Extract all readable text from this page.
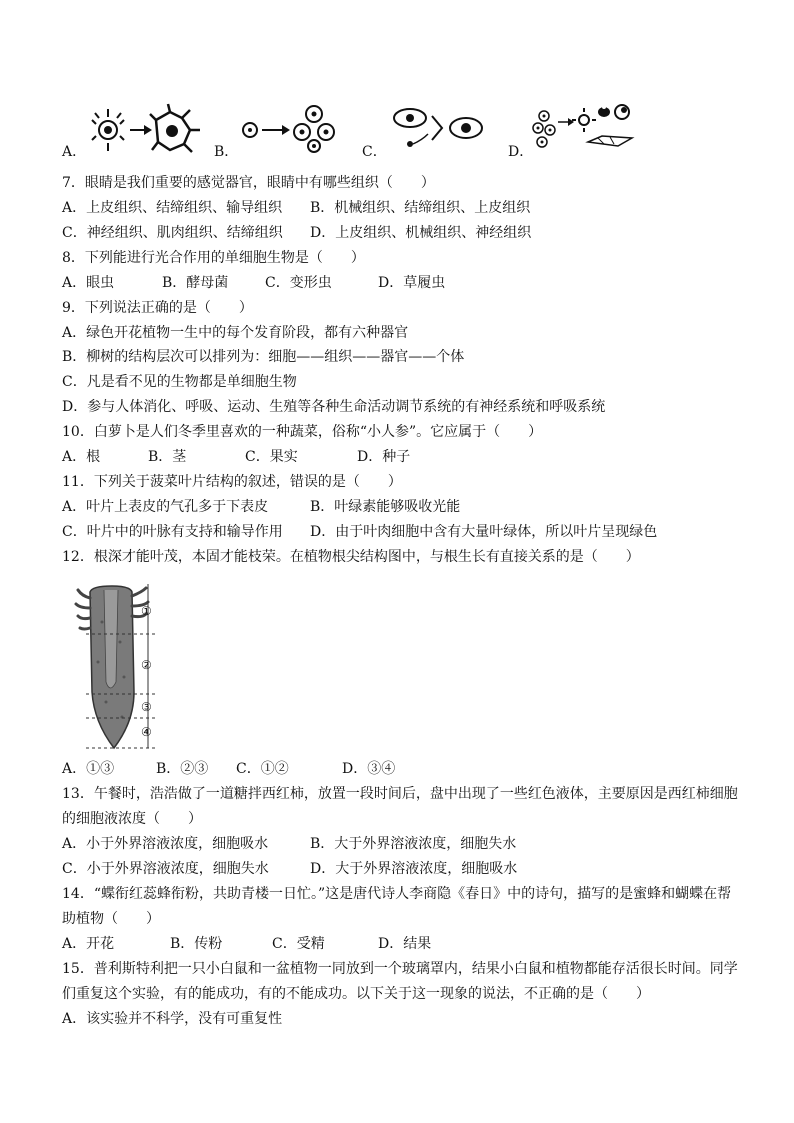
A．	B．	C．	D．
7．眼睛是我们重要的感觉器官，眼睛中有哪些组织（　　）
A．上皮组织、结缔组织、输导组织 B．机械组织、结缔组织、上皮组织
C．神经组织、肌肉组织、结缔组织 D．上皮组织、机械组织、神经组织
8．下列能进行光合作用的单细胞生物是（　　）
A．眼虫	B．酵母菌	C．变形虫	D．草履虫
9．下列说法正确的是（　　）
A．绿色开花植物一生中的每个发育阶段，都有六种器官
B．柳树的结构层次可以排列为：细胞——组织——器官——个体
C．凡是看不见的生物都是单细胞生物
D．参与人体消化、呼吸、运动、生殖等各种生命活动调节系统的有神经系统和呼吸系统
10．白萝卜是人们冬季里喜欢的一种蔬菜，俗称“小人参”。它应属于（　　）
A．根	B．茎	C．果实	D．种子
11．下列关于菠菜叶片结构的叙述，错误的是（　　）
A．叶片上表皮的气孔多于下表皮	B．叶绿素能够吸收光能
C．叶片中的叶脉有支持和输导作用 D．由于叶肉细胞中含有大量叶绿体，所以叶片呈现绿色
12．根深才能叶茂，本固才能枝荣。在植物根尖结构图中，与根生长有直接关系的是（　　）
①
②
③
④
A．①③	B．②③ C．①②	D．③④
13．午餐时，浩浩做了一道糖拌西红柿，放置一段时间后，盘中出现了一些红色液体，主要原因是西红柿细胞
的细胞液浓度（　　）
A．小于外界溶液浓度，细胞吸水	B．大于外界溶液浓度，细胞失水
C．小于外界溶液浓度，细胞失水	D．大于外界溶液浓度，细胞吸水
14．“蝶衔红蕊蜂衔粉，共助青楼一日忙。”这是唐代诗人李商隐《春日》中的诗句，描写的是蜜蜂和蝴蝶在帮
助植物（　　）
A．开花	B．传粉	C．受精	D．结果
15．普利斯特利把一只小白鼠和一盆植物一同放到一个玻璃罩内，结果小白鼠和植物都能存活很长时间。同学
们重复这个实验，有的能成功，有的不能成功。以下关于这一现象的说法，不正确的是（　　）
A．该实验并不科学，没有可重复性
